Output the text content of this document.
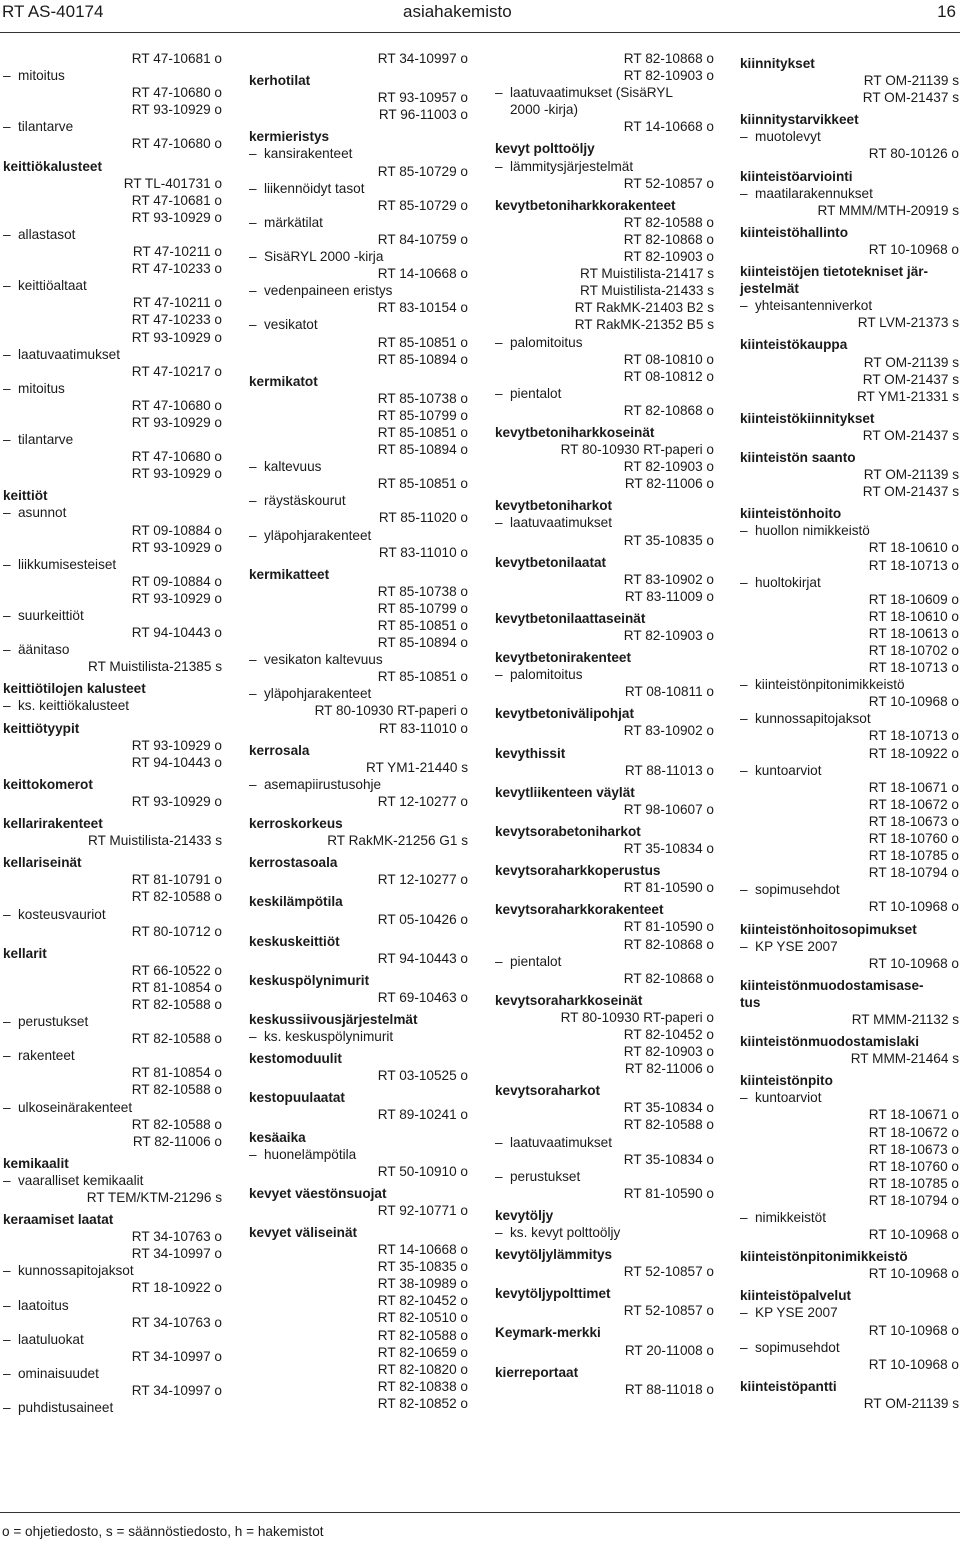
RT AS-40174	asiahakemisto	16
RT 47-10681 o
– mitoitus
RT 47-10680 o
RT 93-10929 o
– tilantarve
RT 47-10680 o
keittiökalusteet
RT TL-401731 o
RT 47-10681 o
RT 93-10929 o
– allastasot
RT 47-10211 o
RT 47-10233 o
– keittiöaltaat
RT 47-10211 o
RT 47-10233 o
RT 93-10929 o
– laatuvaatimukset
RT 47-10217 o
– mitoitus
RT 47-10680 o
RT 93-10929 o
– tilantarve
RT 47-10680 o
RT 93-10929 o
keittiöt
– asunnot
RT 09-10884 o
RT 93-10929 o
– liikkumisesteiset
RT 09-10884 o
RT 93-10929 o
– suurkeittiöt
RT 94-10443 o
– äänitaso
RT Muistilista-21385 s
keittiötilojen kalusteet
– ks. keittiökalusteet
keittiötyypit
RT 93-10929 o
RT 94-10443 o
keittokomerot
RT 93-10929 o
kellarirakenteet
RT Muistilista-21433 s
kellariseinät
RT 81-10791 o
RT 82-10588 o
– kosteusvauriot
RT 80-10712 o
kellarit
RT 66-10522 o
RT 81-10854 o
RT 82-10588 o
– perustukset
RT 82-10588 o
– rakenteet
RT 81-10854 o
RT 82-10588 o
– ulkoseinärakenteet
RT 82-10588 o
RT 82-11006 o
kemikaalit
– vaaralliset kemikaalit
RT TEM/KTM-21296 s
keraamiset laatat
RT 34-10763 o
RT 34-10997 o
– kunnossapitojaksot
RT 18-10922 o
– laatoitus
RT 34-10763 o
– laatuluokat
RT 34-10997 o
– ominaisuudet
RT 34-10997 o
– puhdistusaineet
RT 34-10997 o
kerhotilat
RT 93-10957 o
RT 96-11003 o
kermieristys
– kansirakenteet
RT 85-10729 o
– liikennöidyt tasot
RT 85-10729 o
– märkätilat
RT 84-10759 o
– SisäRYL 2000 -kirja
RT 14-10668 o
– vedenpaineen eristys
RT 83-10154 o
– vesikatot
RT 85-10851 o
RT 85-10894 o
kermikatot
RT 85-10738 o
RT 85-10799 o
RT 85-10851 o
RT 85-10894 o
– kaltevuus
RT 85-10851 o
– räystäskourut
RT 85-11020 o
– yläpohjarakenteet
RT 83-11010 o
kermikatteet
RT 85-10738 o
RT 85-10799 o
RT 85-10851 o
RT 85-10894 o
– vesikaton kaltevuus
RT 85-10851 o
– yläpohjarakenteet
RT 80-10930 RT-paperi o
RT 83-11010 o
kerrosala
RT YM1-21440 s
– asemapiirustusohje
RT 12-10277 o
kerroskorkeus
RT RakMK-21256 G1 s
kerrostasoala
RT 12-10277 o
keskilämpötila
RT 05-10426 o
keskuskeittiöt
RT 94-10443 o
keskuspölynimurit
RT 69-10463 o
keskussiivousjärjestelmät
– ks. keskuspölynimurit
kestomoduulit
RT 03-10525 o
kestopuulaatat
RT 89-10241 o
kesäaika
– huonelämpötila
RT 50-10910 o
kevyet väestönsuojat
RT 92-10771 o
kevyet väliseinät
RT 14-10668 o
RT 35-10835 o
RT 38-10989 o
RT 82-10452 o
RT 82-10510 o
RT 82-10588 o
RT 82-10659 o
RT 82-10820 o
RT 82-10838 o
RT 82-10852 o
RT 82-10868 o
RT 82-10903 o
– laatuvaatimukset (SisäRYL
2000 -kirja)
RT 14-10668 o
kevyt polttoöljy
– lämmitysjärjestelmät
RT 52-10857 o
kevytbetoniharkkorakenteet
RT 82-10588 o
RT 82-10868 o
RT 82-10903 o
RT Muistilista-21417 s
RT Muistilista-21433 s
RT RakMK-21403 B2 s
RT RakMK-21352 B5 s
– palomitoitus
RT 08-10810 o
RT 08-10812 o
– pientalot
RT 82-10868 o
kevytbetoniharkkoseinät
RT 80-10930 RT-paperi o
RT 82-10903 o
RT 82-11006 o
kevytbetoniharkot
– laatuvaatimukset
RT 35-10835 o
kevytbetonilaatat
RT 83-10902 o
RT 83-11009 o
kevytbetonilaattaseinät
RT 82-10903 o
kevytbetonirakenteet
– palomitoitus
RT 08-10811 o
kevytbetonivälipohjat
RT 83-10902 o
kevythissit
RT 88-11013 o
kevytliikenteen väylät
RT 98-10607 o
kevytsorabetoniharkot
RT 35-10834 o
kevytsoraharkkoperustus
RT 81-10590 o
kevytsoraharkkorakenteet
RT 81-10590 o
RT 82-10868 o
– pientalot
RT 82-10868 o
kevytsoraharkkoseinät
RT 80-10930 RT-paperi o
RT 82-10452 o
RT 82-10903 o
RT 82-11006 o
kevytsoraharkot
RT 35-10834 o
RT 82-10588 o
– laatuvaatimukset
RT 35-10834 o
– perustukset
RT 81-10590 o
kevytöljy
– ks. kevyt polttoöljy
kevytöljylämmitys
RT 52-10857 o
kevytöljypolttimet
RT 52-10857 o
Keymark-merkki
RT 20-11008 o
kierreportaat
RT 88-11018 o
kiinnitykset
RT OM-21139 s
RT OM-21437 s
kiinnitystarvikkeet
– muotolevyt
RT 80-10126 o
kiinteistöarviointi
– maatilarakennukset
RT MMM/MTH-20919 s
kiinteistöhallinto
RT 10-10968 o
kiinteistöjen tietotekniset jär-
jestelmät
– yhteisantenniverkot
RT LVM-21373 s
kiinteistökauppa
RT OM-21139 s
RT OM-21437 s
RT YM1-21331 s
kiinteistökiinnitykset
RT OM-21437 s
kiinteistön saanto
RT OM-21139 s
RT OM-21437 s
kiinteistönhoito
– huollon nimikkeistö
RT 18-10610 o
RT 18-10713 o
– huoltokirjat
RT 18-10609 o
RT 18-10610 o
RT 18-10613 o
RT 18-10702 o
RT 18-10713 o
– kiinteistönpitonimikkeistö
RT 10-10968 o
– kunnossapitojaksot
RT 18-10713 o
RT 18-10922 o
– kuntoarviot
RT 18-10671 o
RT 18-10672 o
RT 18-10673 o
RT 18-10760 o
RT 18-10785 o
RT 18-10794 o
– sopimusehdot
RT 10-10968 o
kiinteistönhoitosopimukset
– KP YSE 2007
RT 10-10968 o
kiinteistönmuodostamisase-
tus
RT MMM-21132 s
kiinteistönmuodostamislaki
RT MMM-21464 s
kiinteistönpito
– kuntoarviot
RT 18-10671 o
RT 18-10672 o
RT 18-10673 o
RT 18-10760 o
RT 18-10785 o
RT 18-10794 o
– nimikkeistöt
RT 10-10968 o
kiinteistönpitonimikkeistö
RT 10-10968 o
kiinteistöpalvelut
– KP YSE 2007
RT 10-10968 o
– sopimusehdot
RT 10-10968 o
kiinteistöpantti
RT OM-21139 s
o = ohjetiedosto, s = säännöstiedosto, h = hakemistot
